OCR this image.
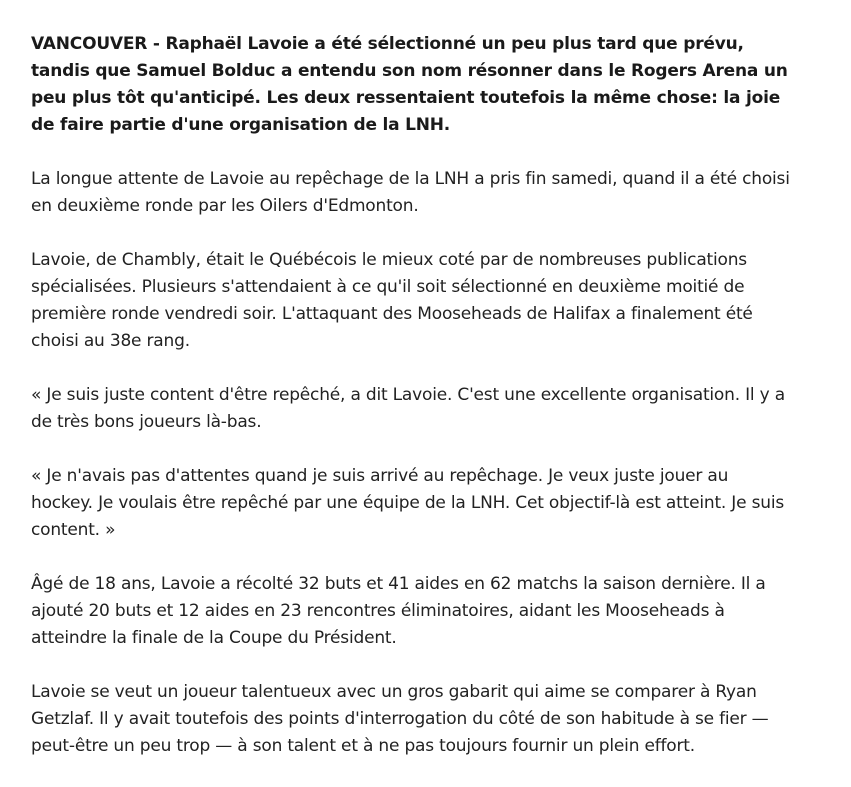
VANCOUVER - Raphaël Lavoie a été sélectionné un peu plus tard que prévu, tandis que Samuel Bolduc a entendu son nom résonner dans le Rogers Arena un peu plus tôt qu'anticipé. Les deux ressentaient toutefois la même chose: la joie de faire partie d'une organisation de la LNH.

La longue attente de Lavoie au repêchage de la LNH a pris fin samedi, quand il a été choisi en deuxième ronde par les Oilers d'Edmonton.

Lavoie, de Chambly, était le Québécois le mieux coté par de nombreuses publications spécialisées. Plusieurs s'attendaient à ce qu'il soit sélectionné en deuxième moitié de première ronde vendredi soir. L'attaquant des Mooseheads de Halifax a finalement été choisi au 38e rang.

« Je suis juste content d'être repêché, a dit Lavoie. C'est une excellente organisation. Il y a de très bons joueurs là-bas.

« Je n'avais pas d'attentes quand je suis arrivé au repêchage. Je veux juste jouer au hockey. Je voulais être repêché par une équipe de la LNH. Cet objectif-là est atteint. Je suis content. »

Âgé de 18 ans, Lavoie a récolté 32 buts et 41 aides en 62 matchs la saison dernière. Il a ajouté 20 buts et 12 aides en 23 rencontres éliminatoires, aidant les Mooseheads à atteindre la finale de la Coupe du Président.

Lavoie se veut un joueur talentueux avec un gros gabarit qui aime se comparer à Ryan Getzlaf. Il y avait toutefois des points d'interrogation du côté de son habitude à se fier — peut-être un peu trop — à son talent et à ne pas toujours fournir un plein effort.
